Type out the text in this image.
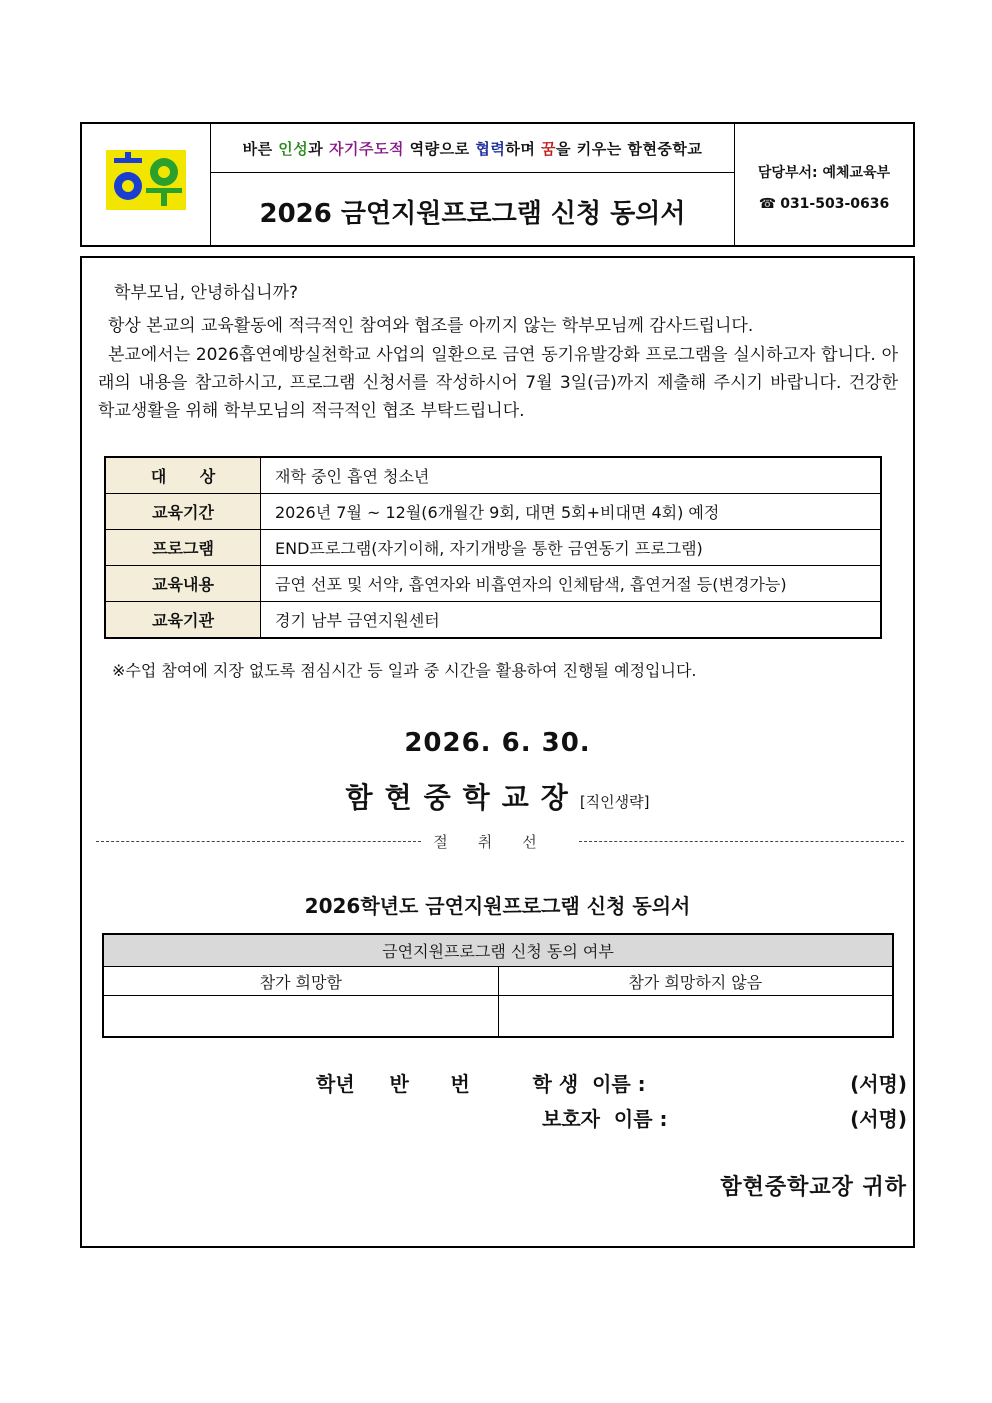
바른 인성 과 자기주도적 역량으로 협력 하며 꿈 을 키우는 함현중학교
2026 금연지원프로그램 신청 동의서
담당부서: 예체교육부
☎ 031-503-0636
학부모님, 안녕하십니까?
항상 본교의 교육활동에 적극적인 참여와 협조를 아끼지 않는 학부모님께 감사드립니다.
본교에서는 2026흡연예방실천학교 사업의 일환으로 금연 동기유발강화 프로그램을 실시하고자 합니다. 아래의 내용을 참고하시고, 프로그램 신청서를 작성하시어 7월 3일(금)까지 제출해 주시기 바랍니다. 건강한 학교생활을 위해 학부모님의 적극적인 협조 부탁드립니다.
대      상	재학 중인 흡연 청소년
교육기간	2026년 7월 ~ 12월(6개월간 9회, 대면 5회+비대면 4회) 예정
프로그램	END프로그램(자기이해, 자기개방을 통한 금연동기 프로그램)
교육내용	금연 선포 및 서약, 흡연자와 비흡연자의 인체탐색, 흡연거절 등(변경가능)
교육기관	경기 남부 금연지원센터
※수업 참여에 지장 없도록 점심시간 등 일과 중 시간을 활용하여 진행될 예정입니다.
2026. 6. 30.
함현중학교장[직인생략]
절취선
2026학년도 금연지원프로그램 신청 동의서
금연지원프로그램 신청 동의 여부	
참가 희망함	참가 희망하지 않음

학년     반      번         학 생  이름 :	(서명)
보호자  이름 :	(서명)
함현중학교장 귀하
